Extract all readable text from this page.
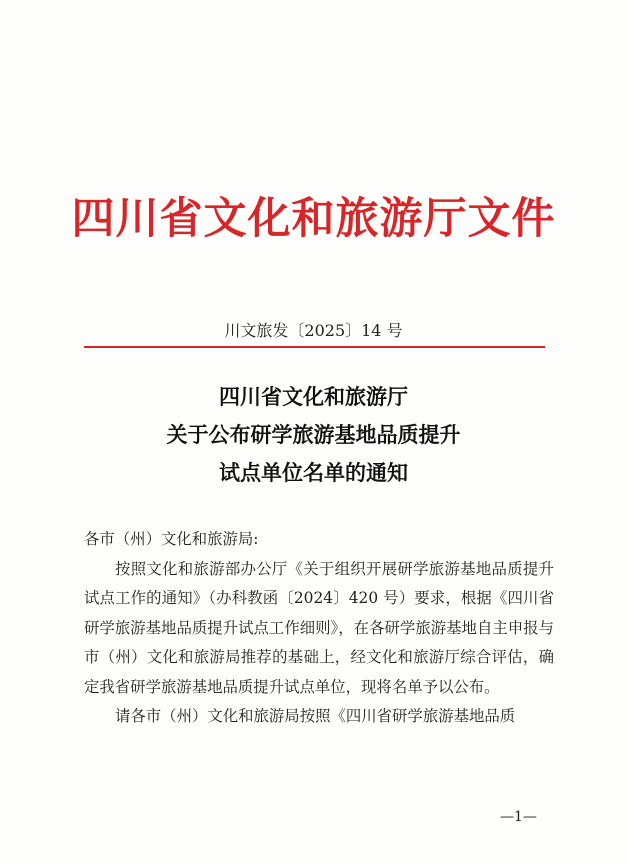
四川省文化和旅游厅文件
川文旅发〔2025〕14 号
四川省文化和旅游厅
关于公布研学旅游基地品质提升
试点单位名单的通知

各市（州）文化和旅游局:

按照文化和旅游部办公厅《关于组织开展研学旅游基地品质提升试点工作的通知》（办科教函〔2024〕420 号）要求，根据《四川省研学旅游基地品质提升试点工作细则》，在各研学旅游基地自主申报与市（州）文化和旅游局推荐的基础上，经文化和旅游厅综合评估，确定我省研学旅游基地品质提升试点单位，现将名单予以公布。

请各市（州）文化和旅游局按照《四川省研学旅游基地品质

—1—
